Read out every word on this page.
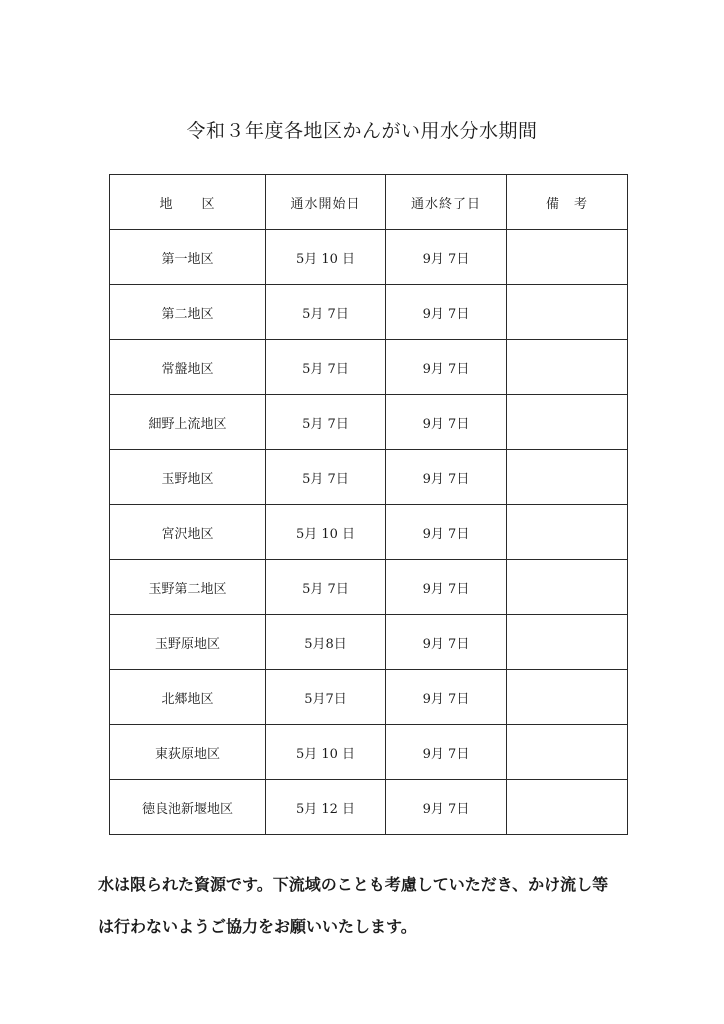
令和３年度各地区かんがい用水分水期間
地　　区	通水開始日	通水終了日	備　考
第一地区	5月 10 日	9月 7日	
第二地区	5月 7日	9月 7日	
常盤地区	5月 7日	9月 7日	
細野上流地区	5月 7日	9月 7日	
玉野地区	5月 7日	9月 7日	
宮沢地区	5月 10 日	9月 7日	
玉野第二地区	5月 7日	9月 7日	
玉野原地区	5月8日	9月 7日	
北郷地区	5月7日	9月 7日	
東荻原地区	5月 10 日	9月 7日	
徳良池新堰地区	5月 12 日	9月 7日	
水は限られた資源です。下流域のことも考慮していただき、かけ流し等
は行わないようご協力をお願いいたします。
